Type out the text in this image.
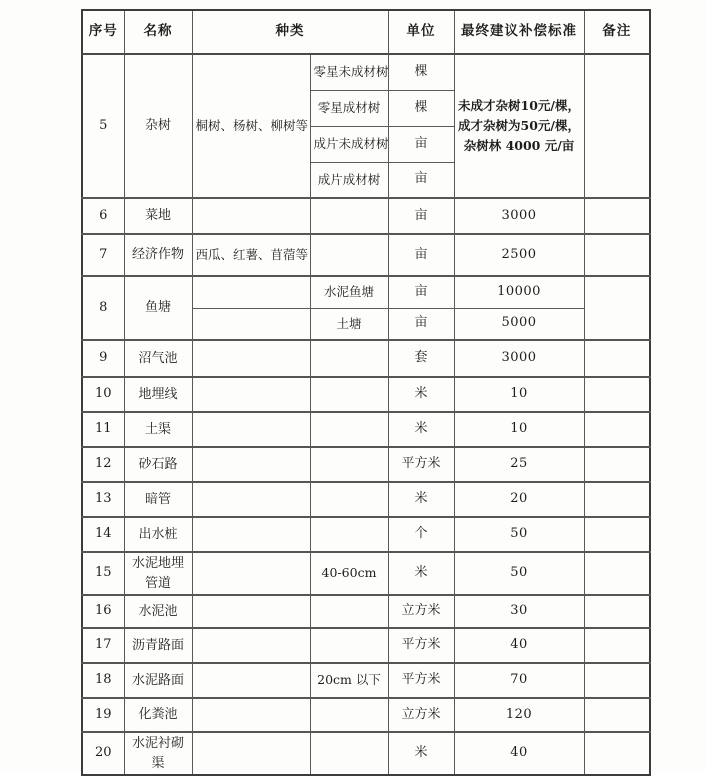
序号	名称	种类		单位	最终建议补偿标准	备注
5	杂树	桐树、杨树、柳树等	零星未成材树	棵	未成才杂树10元/棵，
成才杂树为50元/棵，
杂树林 4000 元/亩	

			零星成材树	棵		
			成片未成材树	亩		
			成片成材树	亩		
6	菜地			亩	3000	
7	经济作物	西瓜、红薯、苜蓿等		亩	2500	
8	鱼塘		水泥鱼塘	亩	10000	
			土塘	亩	5000	
9	沼气池			套	3000	
10	地埋线			米	10	
11	土渠			米	10	
12	砂石路			平方米	25	
13	暗管			米	20	
14	出水桩			个	50	
15	水泥地埋管道		40-60cm	米	50	
16	水泥池			立方米	30	
17	沥青路面			平方米	40	
18	水泥路面		20cm 以下	平方米	70	
19	化粪池			立方米	120	
20	水泥衬砌渠			米	40	
